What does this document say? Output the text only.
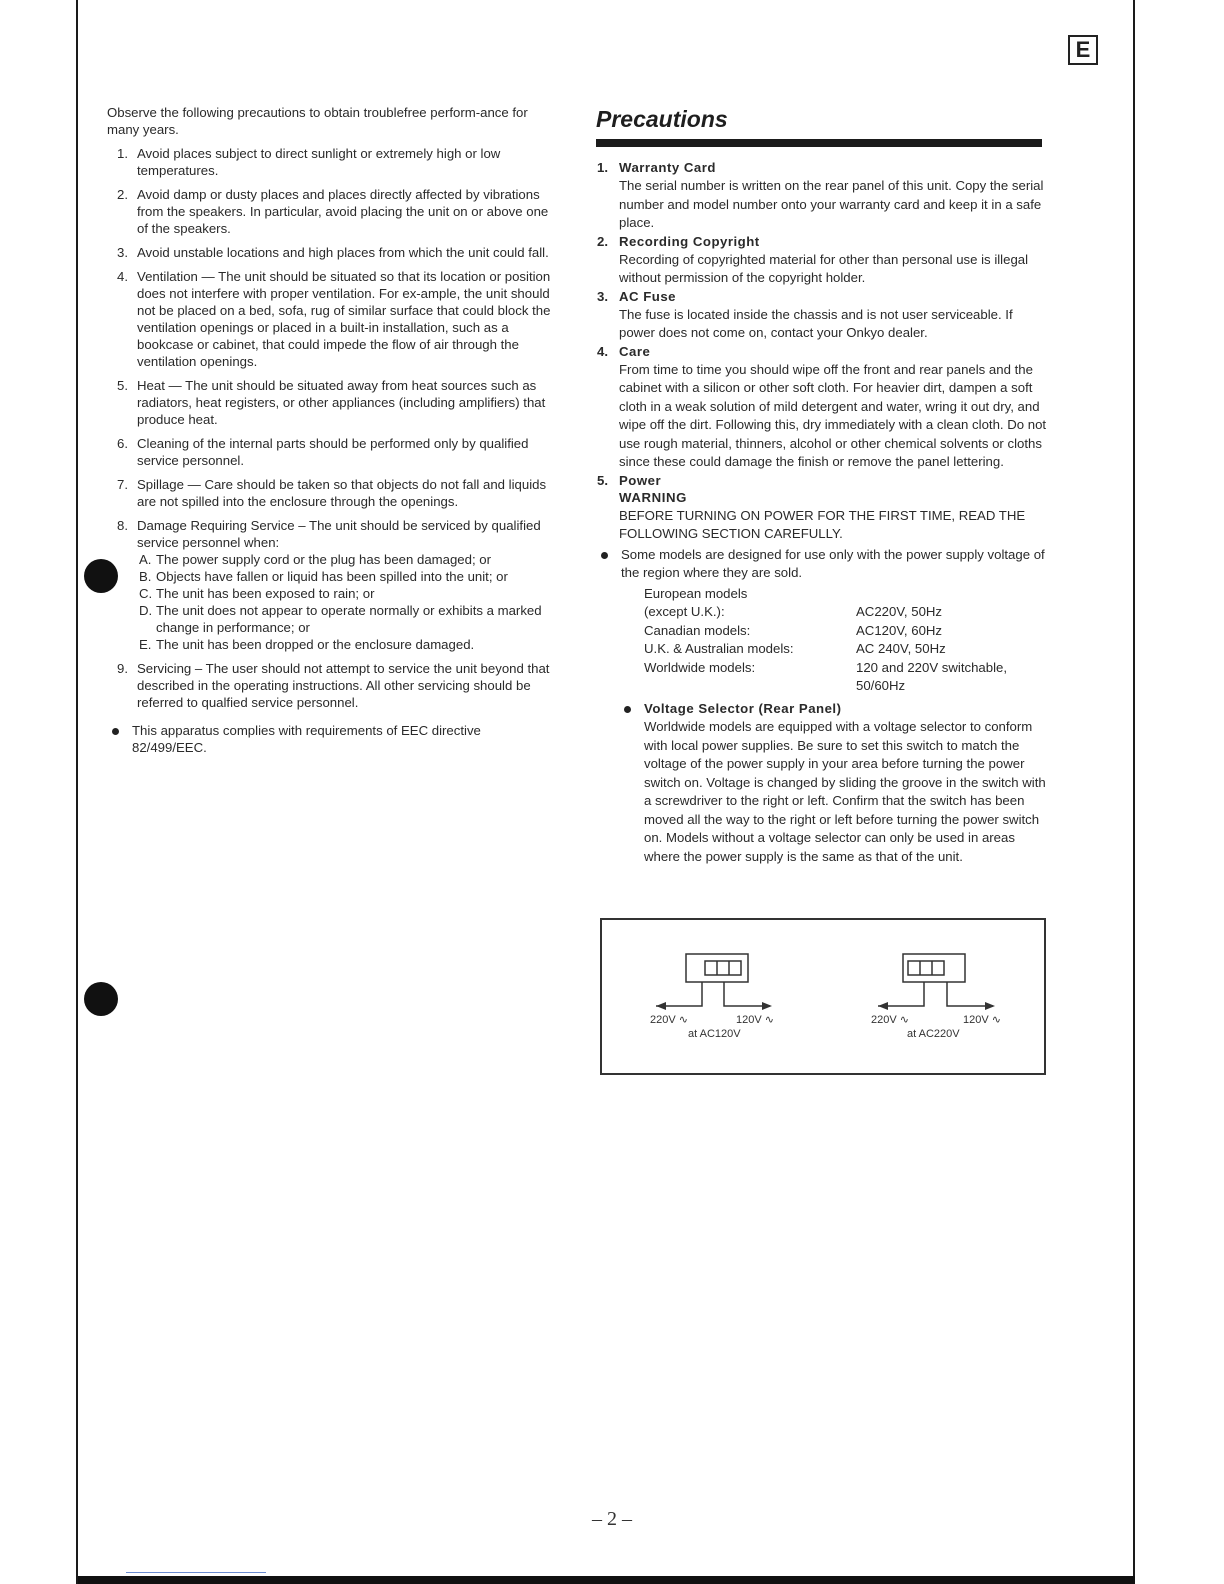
E

Observe the following precautions to obtain troublefree perform-ance for many years.

1. Avoid places subject to direct sunlight or extremely high or low temperatures.
2. Avoid damp or dusty places and places directly affected by vibrations from the speakers. In particular, avoid placing the unit on or above one of the speakers.
3. Avoid unstable locations and high places from which the unit could fall.
4. Ventilation — The unit should be situated so that its location or position does not interfere with proper ventilation. For ex-ample, the unit should not be placed on a bed, sofa, rug of similar surface that could block the ventilation openings or placed in a built-in installation, such as a bookcase or cabinet, that could impede the flow of air through the ventilation openings.
5. Heat — The unit should be situated away from heat sources such as radiators, heat registers, or other appliances (including amplifiers) that produce heat.
6. Cleaning of the internal parts should be performed only by qualified service personnel.
7. Spillage — Care should be taken so that objects do not fall and liquids are not spilled into the enclosure through the openings.
8. Damage Requiring Service – The unit should be serviced by qualified service personnel when:
A. The power supply cord or the plug has been damaged; or
B. Objects have fallen or liquid has been spilled into the unit; or
C. The unit has been exposed to rain; or
D. The unit does not appear to operate normally or exhibits a marked change in performance; or
E. The unit has been dropped or the enclosure damaged.
9. Servicing – The user should not attempt to service the unit beyond that described in the operating instructions. All other servicing should be referred to qualfied service personnel.
This apparatus complies with requirements of EEC directive 82/499/EEC.
Precautions
1. Warranty Card

The serial number is written on the rear panel of this unit. Copy the serial number and model number onto your warranty card and keep it in a safe place.

2. Recording Copyright

Recording of copyrighted material for other than personal use is illegal without permission of the copyright holder.

3. AC Fuse

The fuse is located inside the chassis and is not user serviceable. If power does not come on, contact your Onkyo dealer.

4. Care

From time to time you should wipe off the front and rear panels and the cabinet with a silicon or other soft cloth. For heavier dirt, dampen a soft cloth in a weak solution of mild detergent and water, wring it out dry, and wipe off the dirt. Following this, dry immediately with a clean cloth. Do not use rough material, thinners, alcohol or other chemical solvents or cloths since these could damage the finish or remove the panel lettering.

5. Power
WARNING

BEFORE TURNING ON POWER FOR THE FIRST TIME, READ THE FOLLOWING SECTION CAREFULLY.

Some models are designed for use only with the power supply voltage of the region where they are sold.
European models
(except U.K.):	AC220V, 50Hz
Canadian models:	AC120V, 60Hz
U.K. & Australian models:	AC 240V, 50Hz
Worldwide models:	120 and 220V switchable,
50/60Hz
Voltage Selector (Rear Panel)
Worldwide models are equipped with a voltage selector to conform with local power supplies. Be sure to set this switch to match the voltage of the power supply in your area before turning the power switch on. Voltage is changed by sliding the groove in the switch with a screwdriver to the right or left. Confirm that the switch has been moved all the way to the right or left before turning the power switch on. Models without a voltage selector can only be used in areas where the power supply is the same as that of the unit.
220V ∿	120V ∿
at AC120V
220V ∿	120V ∿
at AC220V
– 2 –
